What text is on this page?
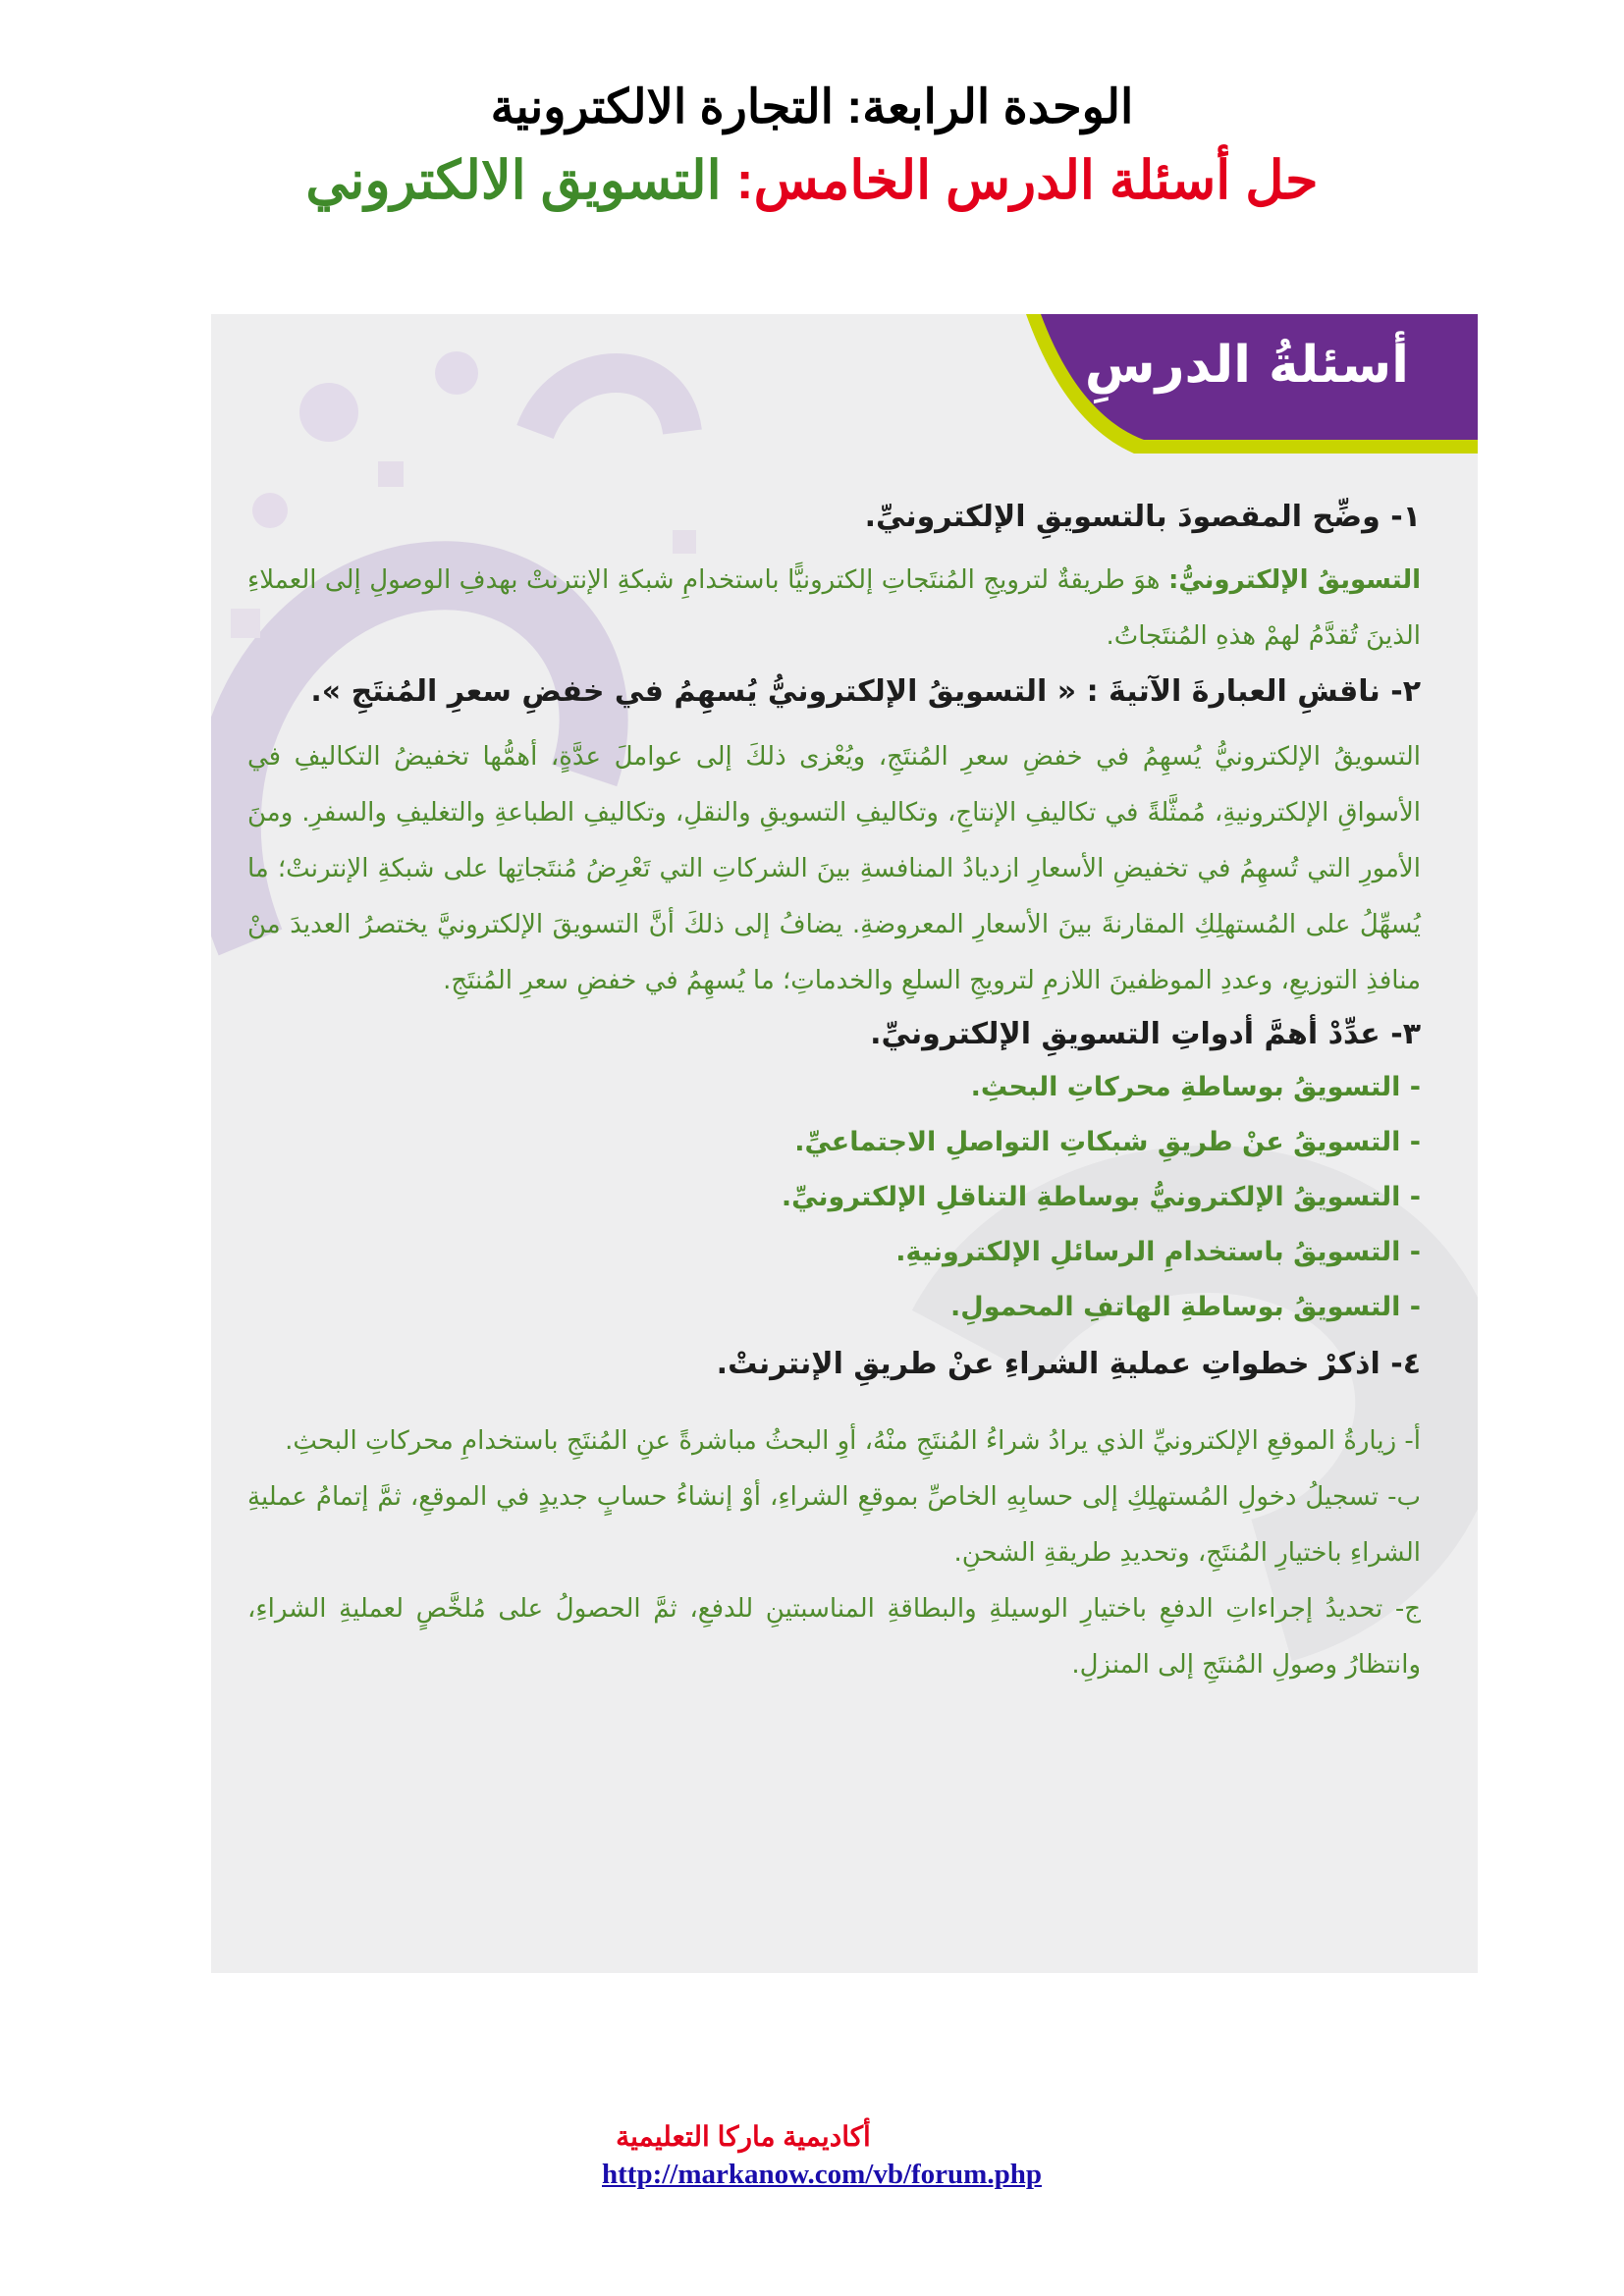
الوحدة الرابعة: التجارة الالكترونية
حل أسئلة الدرس الخامس: التسويق الالكتروني
أسئلةُ الدرسِ

١- وضِّح المقصودَ بالتسويقِ الإلكترونيِّ.

التسويقُ الإلكترونيُّ: هوَ طريقةٌ لترويجِ المُنتَجاتِ إلكترونيًّا باستخدامِ شبكةِ الإنترنتْ بهدفِ الوصولِ إلى العملاءِ الذينَ تُقدَّمُ لهمْ هذهِ المُنتَجاتُ.

٢- ناقشِ العبارةَ الآتيةَ : « التسويقُ الإلكترونيُّ يُسهِمُ في خفضِ سعرِ المُنتَجِ ».

التسويقُ الإلكترونيُّ يُسهِمُ في خفضِ سعرِ المُنتَجِ، ويُعْزى ذلكَ إلى عواملَ عدَّةٍ، أهمُّها تخفيضُ التكاليفِ في الأسواقِ الإلكترونيةِ، مُمثَّلةً في تكاليفِ الإنتاجِ، وتكاليفِ التسويقِ والنقلِ، وتكاليفِ الطباعةِ والتغليفِ والسفرِ. ومنَ الأمورِ التي تُسهِمُ في تخفيضِ الأسعارِ ازديادُ المنافسةِ بينَ الشركاتِ التي تَعْرِضُ مُنتَجاتِها على شبكةِ الإنترنتْ؛ ما يُسهِّلُ على المُستهلِكِ المقارنةَ بينَ الأسعارِ المعروضةِ. يضافُ إلى ذلكَ أنَّ التسويقَ الإلكترونيَّ يختصرُ العديدَ منْ منافذِ التوزيعِ، وعددِ الموظفينَ اللازمِ لترويجِ السلعِ والخدماتِ؛ ما يُسهِمُ في خفضِ سعرِ المُنتَجِ.

٣- عدِّدْ أهمَّ أدواتِ التسويقِ الإلكترونيِّ.

- التسويقُ بوساطةِ محركاتِ البحثِ.

- التسويقُ عنْ طريقِ شبكاتِ التواصلِ الاجتماعيِّ.

- التسويقُ الإلكترونيُّ بوساطةِ التناقلِ الإلكترونيِّ.

- التسويقُ باستخدامِ الرسائلِ الإلكترونيةِ.

- التسويقُ بوساطةِ الهاتفِ المحمولِ.

٤- اذكرْ خطواتِ عمليةِ الشراءِ عنْ طريقِ الإنترنتْ.

أ- زيارةُ الموقعِ الإلكترونيِّ الذي يرادُ شراءُ المُنتَجِ منْهُ، أوِ البحثُ مباشرةً عنِ المُنتَجِ باستخدامِ محركاتِ البحثِ.

ب- تسجيلُ دخولِ المُستهلِكِ إلى حسابِهِ الخاصِّ بموقعِ الشراءِ، أوْ إنشاءُ حسابٍ جديدٍ في الموقعِ، ثمَّ إتمامُ عمليةِ الشراءِ باختيارِ المُنتَجِ، وتحديدِ طريقةِ الشحنِ.

ج- تحديدُ إجراءاتِ الدفعِ باختيارِ الوسيلةِ والبطاقةِ المناسبتينِ للدفعِ، ثمَّ الحصولُ على مُلخَّصٍ لعمليةِ الشراءِ، وانتظارُ وصولِ المُنتَجِ إلى المنزلِ.

أكاديمية ماركا التعليمية
http://markanow.com/vb/forum.php
